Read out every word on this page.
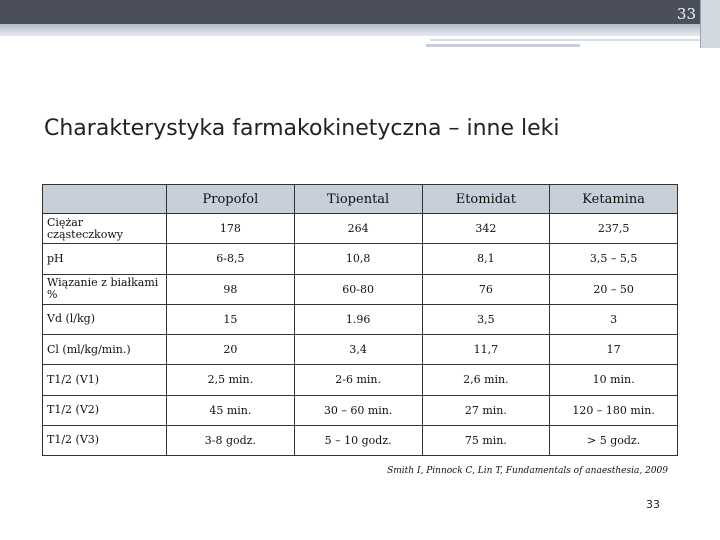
33
Charakterystyka farmakokinetyczna – inne leki
	Propofol	Tiopental	Etomidat	Ketamina
Ciężar cząsteczkowy	178	264	342	237,5
pH	6-8,5	10,8	8,1	3,5 – 5,5
Wiązanie z białkami %	98	60-80	76	20 – 50
Vd (l/kg)	15	1.96	3,5	3
Cl (ml/kg/min.)	20	3,4	11,7	17
T1/2 (V1)	2,5 min.	2-6 min.	2,6 min.	10 min.
T1/2 (V2)	45 min.	30 – 60 min.	27 min.	120 – 180 min.
T1/2 (V3)	3-8 godz.	5 – 10 godz.	75 min.	> 5 godz.
Smith I, Pinnock C, Lin T, Fundamentals of anaesthesia, 2009
33
